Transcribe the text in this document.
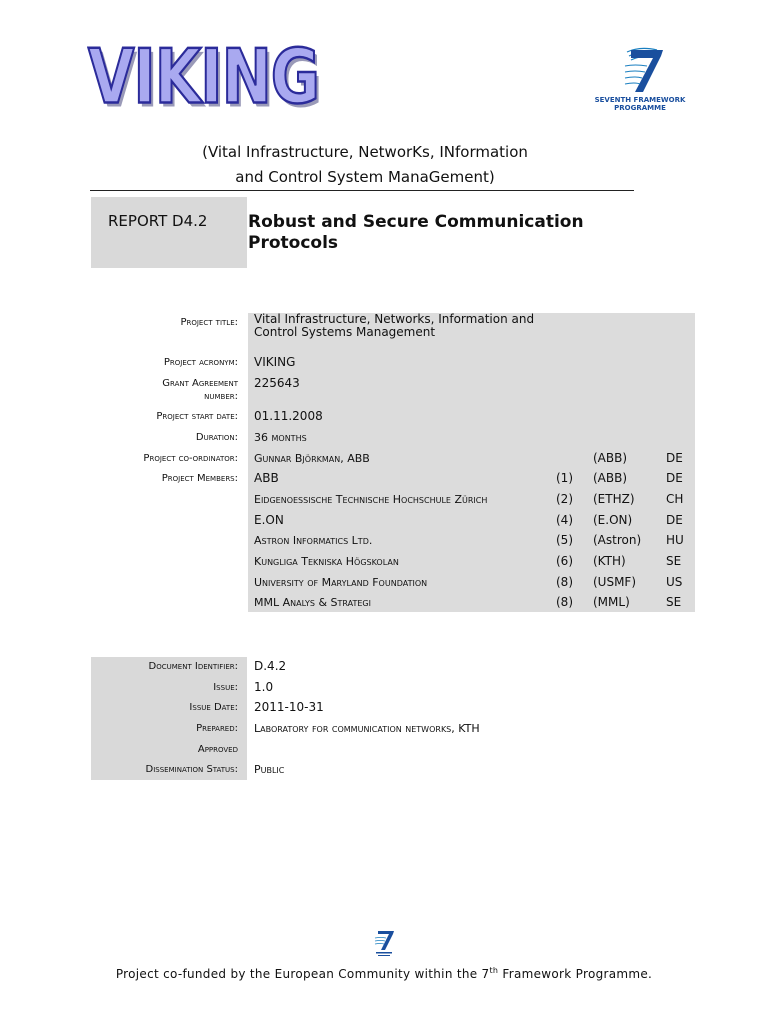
VIKING	SEVENTH FRAMEWORK
PROGRAMME
(Vital Infrastructure, NetworKs, INformation
and Control System ManaGement)
REPORT D4.2 Robust and Secure Communication
Protocols
Project title: Vital Infrastructure, Networks, Information and
Control Systems Management
Project acronym: VIKING
Grant Agreement
number:
225643
Project start date: 01.11.2008
Duration: 36 months
Project co-ordinator: Gunnar Björkman, ABB	(ABB)	DE
Project Members: ABB	(1) (ABB)	DE
Eidgenoessische Technische Hochschule Zürich	(2) (ETHZ)	CH
E.ON	(4) (E.ON)	DE
Astron Informatics Ltd.	(5) (Astron) HU
Kungliga Tekniska Högskolan	(6) (KTH)	SE
University of Maryland Foundation	(8) (USMF) US
MML Analys & Strategi	(8) (MML)	SE
Document Identifier: D.4.2
Issue: 1.0
Issue Date: 2011-10-31
Prepared: Laboratory for communication networks, KTH
Approved
Dissemination Status: Public
Project co-funded by the European Community within the 7th Framework Programme.
